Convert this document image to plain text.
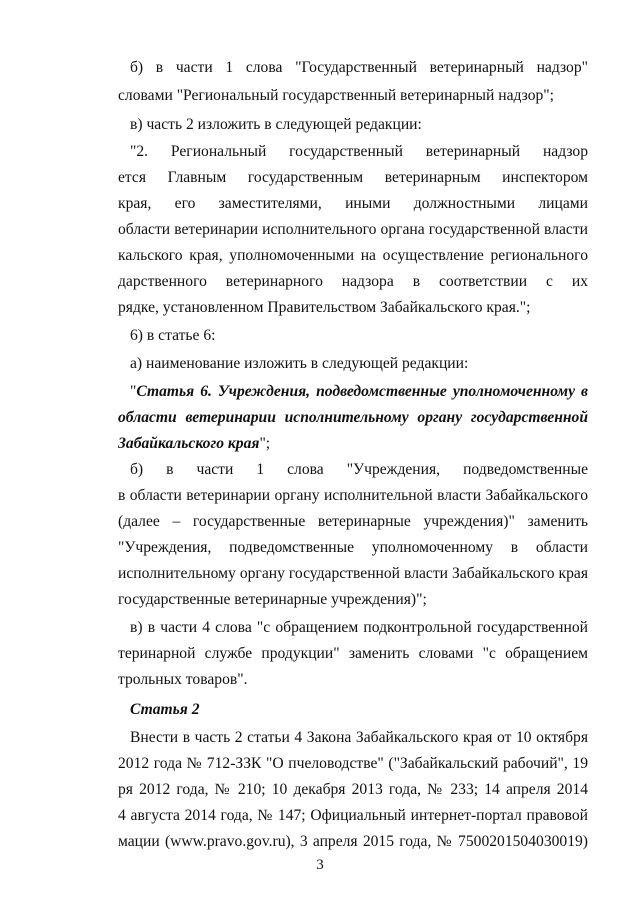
б) в части 1 слова "Государственный ветеринарный надзор"
словами "Региональный государственный ветеринарный надзор";
в) часть 2 изложить в следующей редакции:
"2. Региональный государственный ветеринарный надзор
ется Главным государственным ветеринарным инспектором
края, его заместителями, иными должностными лицами
области ветеринарии исполнительного органа государственной власти
кальского края, уполномоченными на осуществление регионального
дарственного ветеринарного надзора в соответствии с их
рядке, установленном Правительством Забайкальского края.";
6) в статье 6:
а) наименование изложить в следующей редакции:
"Статья 6. Учреждения, подведомственные уполномоченному в
области ветеринарии исполнительному органу государственной
Забайкальского края";
б) в части 1 слова "Учреждения, подведомственные
в области ветеринарии органу исполнительной власти Забайкальского
(далее – государственные ветеринарные учреждения)" заменить
"Учреждения, подведомственные уполномоченному в области
исполнительному органу государственной власти Забайкальского края
государственные ветеринарные учреждения)";
в) в части 4 слова "с обращением подконтрольной государственной
теринарной службе продукции" заменить словами "с обращением
трольных товаров".
Статья 2
Внести в часть 2 статьи 4 Закона Забайкальского края от 10 октября
2012 года № 712-ЗЗК "О пчеловодстве" ("Забайкальский рабочий", 19
ря 2012 года, № 210; 10 декабря 2013 года, № 233; 14 апреля 2014
4 августа 2014 года, № 147; Официальный интернет-портал правовой
мации (www.pravo.gov.ru), 3 апреля 2015 года, № 7500201504030019)
3
